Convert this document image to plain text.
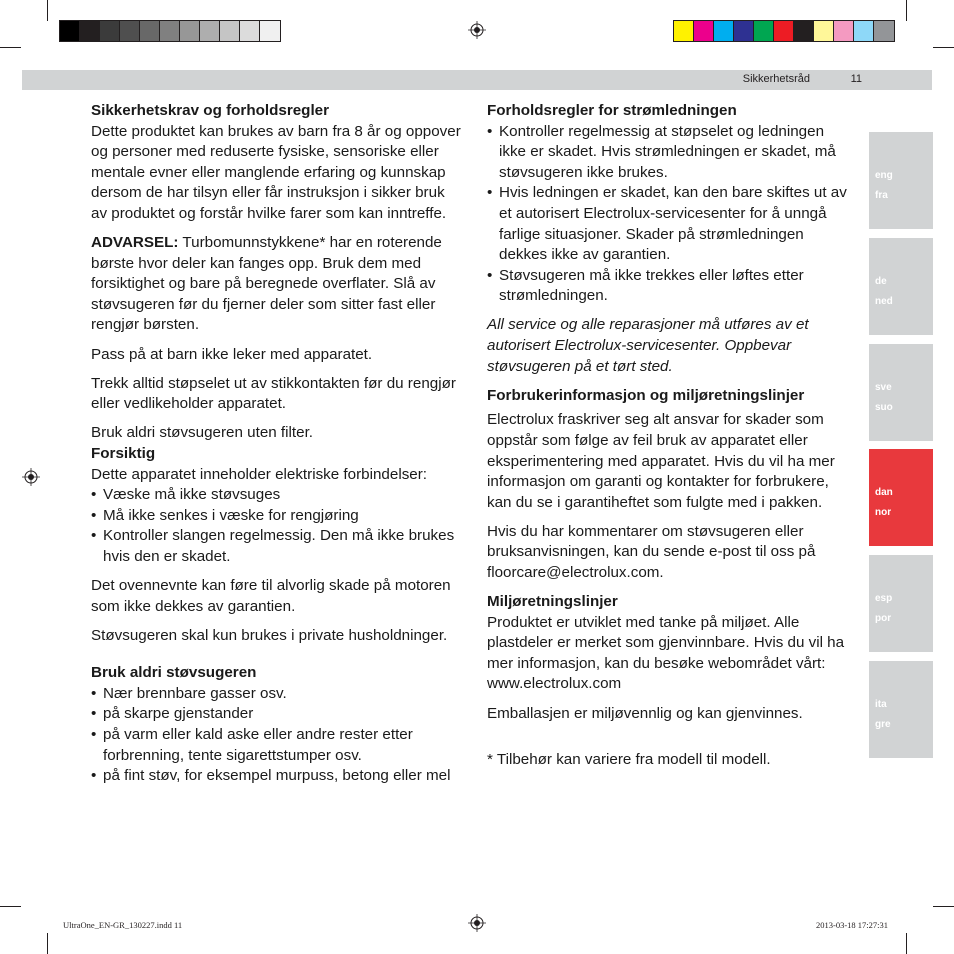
Sikkerhetsråd	11

Sikkerhetskrav og forholdsregler

Dette produktet kan brukes av barn fra 8 år og oppover og personer med reduserte fysiske, sensoriske eller mentale evner eller manglende erfaring og kunnskap dersom de har tilsyn eller får instruksjon i sikker bruk av produktet og forstår hvilke farer som kan inntreffe.

ADVARSEL: Turbomunnstykkene* har en roterende børste hvor deler kan fanges opp. Bruk dem med forsiktighet og bare på beregnede overflater. Slå av støvsugeren før du fjerner deler som sitter fast eller rengjør børsten.

Pass på at barn ikke leker med apparatet.

Trekk alltid støpselet ut av stikkontakten før du rengjør eller vedlikeholder apparatet.

Bruk aldri støvsugeren uten filter.

Forsiktig

Dette apparatet inneholder elektriske forbindelser:

• Væske må ikke støvsuges
• Må ikke senkes i væske for rengjøring
• Kontroller slangen regelmessig. Den må ikke brukes hvis den er skadet.

Det ovennevnte kan føre til alvorlig skade på motoren som ikke dekkes av garantien.

Støvsugeren skal kun brukes i private husholdninger.

Bruk aldri støvsugeren

• Nær brennbare gasser osv.
• på skarpe gjenstander
• på varm eller kald aske eller andre rester etter forbrenning, tente sigarettstumper osv.
• på fint støv, for eksempel murpuss, betong eller mel

Forholdsregler for strømledningen

• Kontroller regelmessig at støpselet og ledningen ikke er skadet. Hvis strømledningen er skadet, må støvsugeren ikke brukes.
• Hvis ledningen er skadet, kan den bare skiftes ut av et autorisert Electrolux-servicesenter for å unngå farlige situasjoner. Skader på strømledningen dekkes ikke av garantien.
• Støvsugeren må ikke trekkes eller løftes etter strømledningen.

All service og alle reparasjoner må utføres av et autorisert Electrolux-servicesenter. Oppbevar støvsugeren på et tørt sted.

Forbrukerinformasjon og miljøretningslinjer

Electrolux fraskriver seg alt ansvar for skader som oppstår som følge av feil bruk av apparatet eller eksperimentering med apparatet. Hvis du vil ha mer informasjon om garanti og kontakter for forbrukere, kan du se i garantiheftet som fulgte med i pakken.

Hvis du har kommentarer om støvsugeren eller bruksanvisningen, kan du sende e-post til oss på floorcare@electrolux.com.

Miljøretningslinjer

Produktet er utviklet med tanke på miljøet. Alle plastdeler er merket som gjenvinnbare. Hvis du vil ha mer informasjon, kan du besøke webområdet vårt: www.electrolux.com

Emballasjen er miljøvennlig og kan gjenvinnes.

* Tilbehør kan variere fra modell til modell.

eng
fra
de
ned
sve
suo
dan
nor
esp
por
ita
gre
UltraOne_EN-GR_130227.indd 11	2013-03-18 17:27:31
